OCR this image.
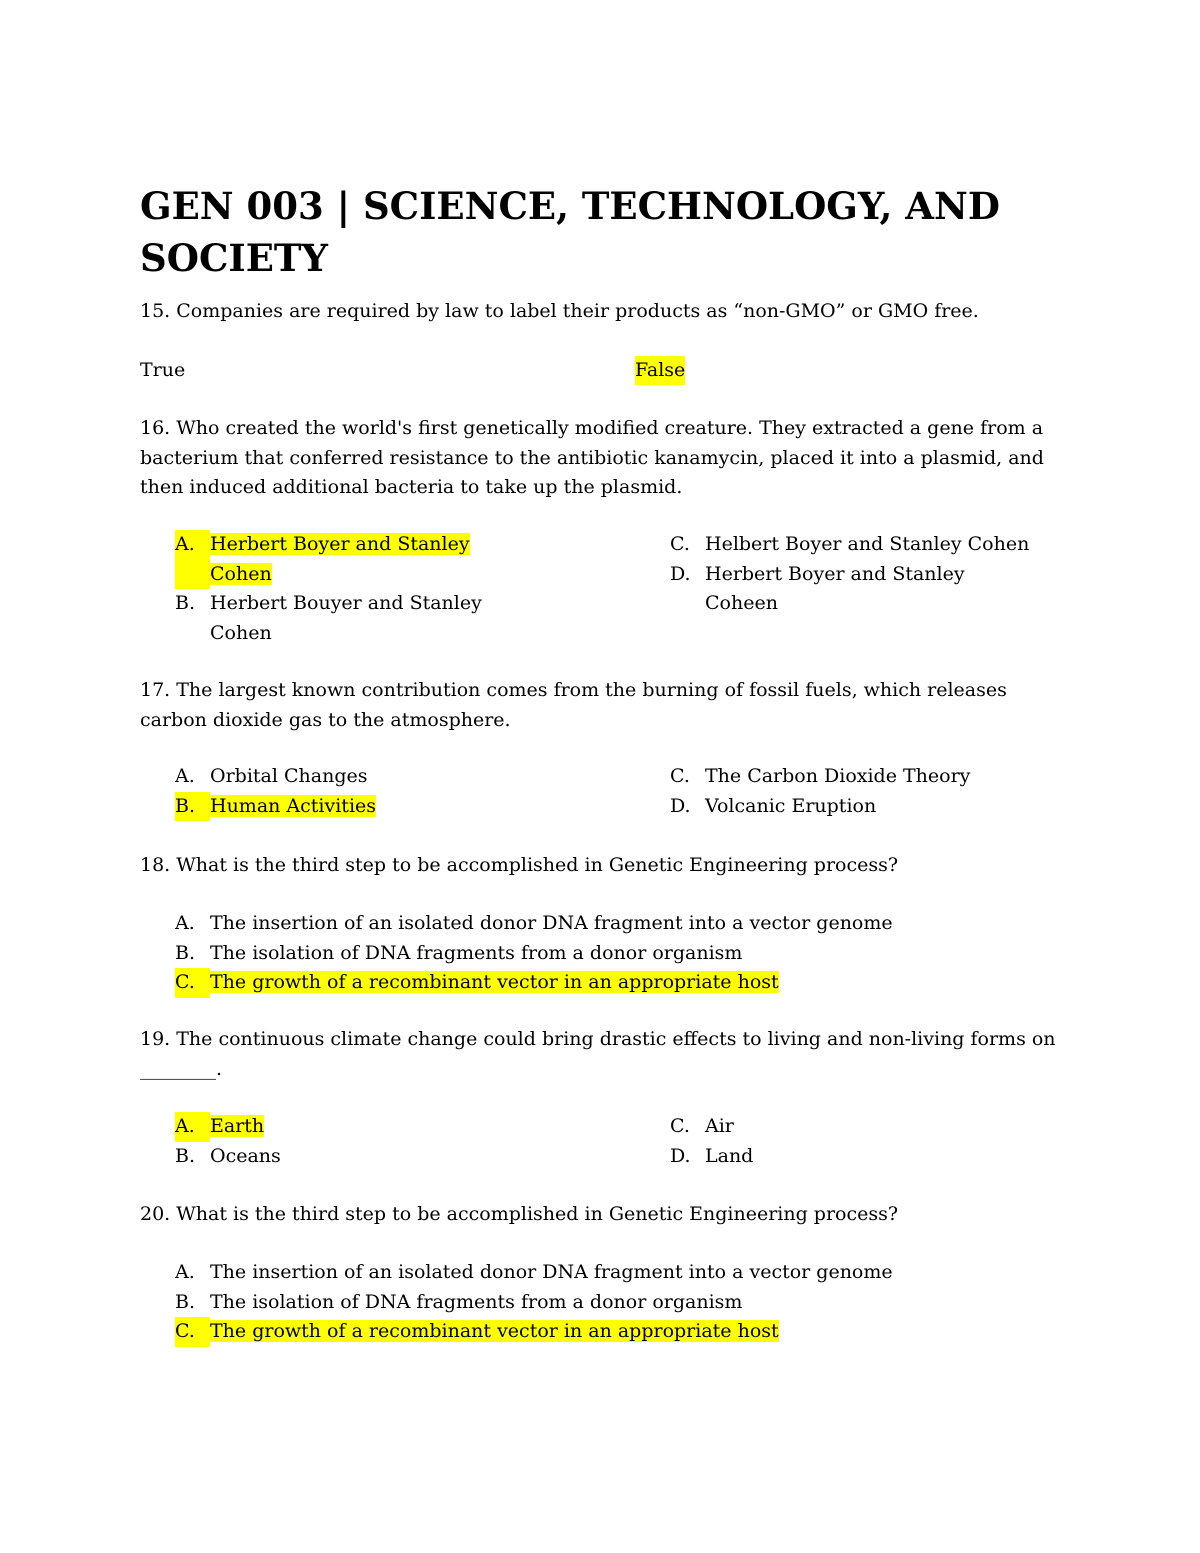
GEN 003 | SCIENCE, TECHNOLOGY, AND SOCIETY

15. Companies are required by law to label their products as “non-GMO” or GMO free.

True	False

16. Who created the world's first genetically modified creature. They extracted a gene from a bacterium that conferred resistance to the antibiotic kanamycin, placed it into a plasmid, and then induced additional bacteria to take up the plasmid.

A. Herbert Boyer and Stanley Cohen
B. Herbert Bouyer and Stanley Cohen
C. Helbert Boyer and Stanley Cohen
D. Herbert Boyer and Stanley Coheen

17. The largest known contribution comes from the burning of fossil fuels, which releases carbon dioxide gas to the atmosphere.

A. Orbital Changes
B. Human Activities
C. The Carbon Dioxide Theory
D. Volcanic Eruption

18. What is the third step to be accomplished in Genetic Engineering process?

A. The insertion of an isolated donor DNA fragment into a vector genome
B. The isolation of DNA fragments from a donor organism
C. The growth of a recombinant vector in an appropriate host

19. The continuous climate change could bring drastic effects to living and non-living forms on ________.

A. Earth
B. Oceans
C. Air
D. Land

20. What is the third step to be accomplished in Genetic Engineering process?

A. The insertion of an isolated donor DNA fragment into a vector genome
B. The isolation of DNA fragments from a donor organism
C. The growth of a recombinant vector in an appropriate host
